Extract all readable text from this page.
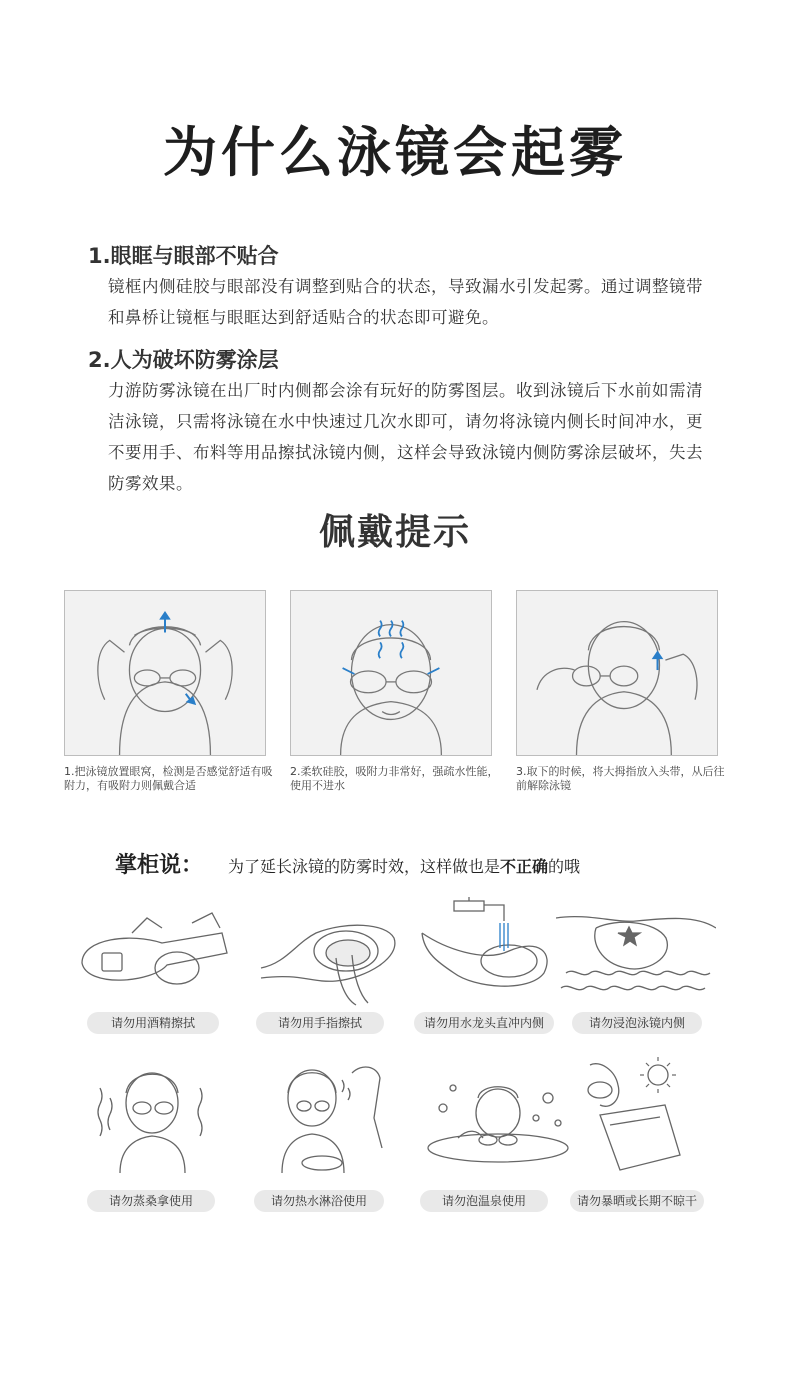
为什么泳镜会起雾
1.眼眶与眼部不贴合
镜框内侧硅胶与眼部没有调整到贴合的状态，导致漏水引发起雾。通过调整镜带和鼻桥让镜框与眼眶达到舒适贴合的状态即可避免。
2.人为破坏防雾涂层
力游防雾泳镜在出厂时内侧都会涂有玩好的防雾图层。收到泳镜后下水前如需清洁泳镜，只需将泳镜在水中快速过几次水即可，请勿将泳镜内侧长时间冲水，更不要用手、布料等用品擦拭泳镜内侧，这样会导致泳镜内侧防雾涂层破坏，失去防雾效果。
佩戴提示
1.把泳镜放置眼窝，检测是否感觉舒适有吸附力，有吸附力则佩戴合适
2.柔软硅胶，吸附力非常好，强疏水性能，使用不进水
3.取下的时候，将大拇指放入头带，从后往前解除泳镜
掌柜说： 为了延长泳镜的防雾时效，这样做也是不正确的哦
请勿用酒精擦拭	请勿用手指擦拭	请勿用水龙头直冲内侧	请勿浸泡泳镜内侧
请勿蒸桑拿使用	请勿热水淋浴使用	请勿泡温泉使用	请勿暴晒或长期不晾干
